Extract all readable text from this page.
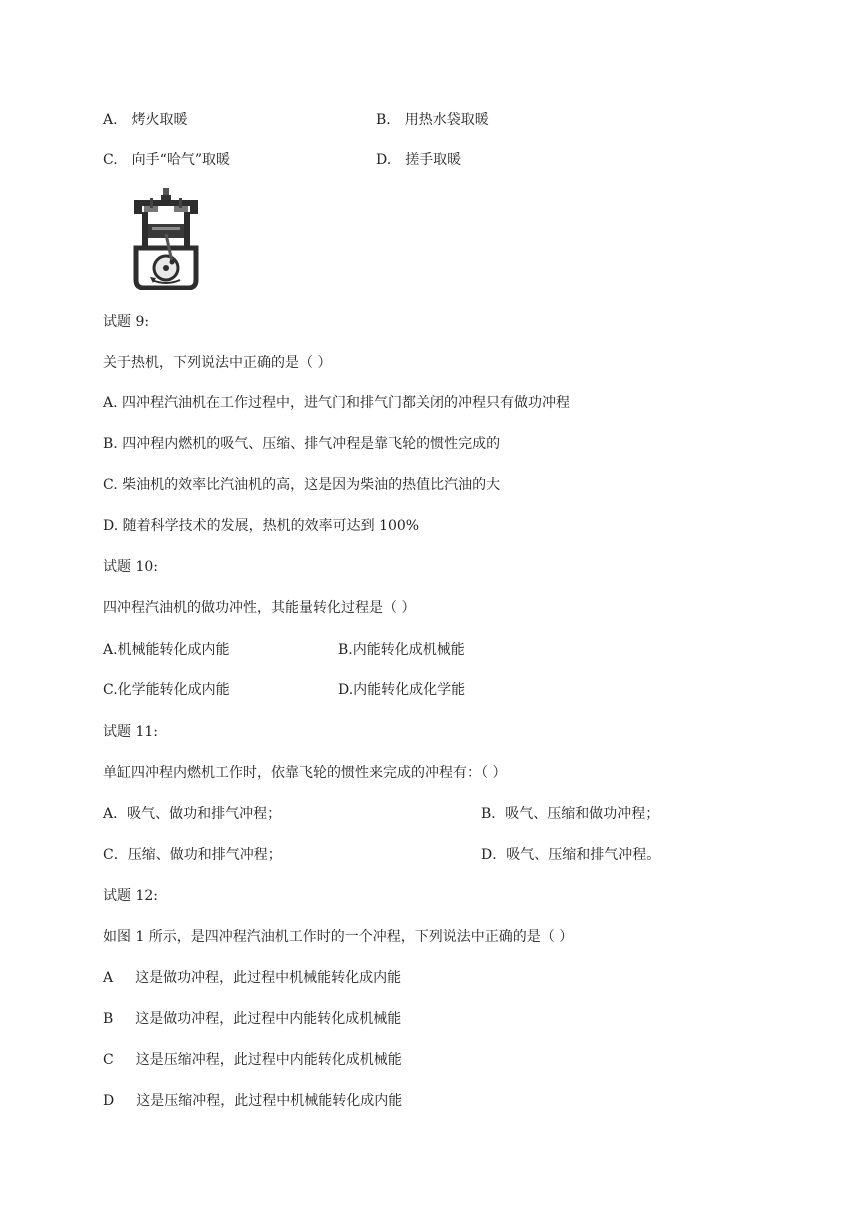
A. 烤火取暖	B. 用热水袋取暖
C. 向手“哈气”取暖	D. 搓手取暖
试题 9:
关于热机，下列说法中正确的是（ ）
A. 四冲程汽油机在工作过程中，进气门和排气门都关闭的冲程只有做功冲程
B. 四冲程内燃机的吸气、压缩、排气冲程是靠飞轮的惯性完成的
C. 柴油机的效率比汽油机的高，这是因为柴油的热值比汽油的大
D. 随着科学技术的发展，热机的效率可达到 100%
试题 10:
四冲程汽油机的做功冲性，其能量转化过程是（ ）
A.机械能转化成内能	B.内能转化成机械能
C.化学能转化成内能	D.内能转化成化学能
试题 11:
单缸四冲程内燃机工作时，依靠飞轮的惯性来完成的冲程有：（ ）
A．吸气、做功和排气冲程；	B．吸气、压缩和做功冲程；
C．压缩、做功和排气冲程；	D．吸气、压缩和排气冲程。
试题 12:
如图 1 所示，是四冲程汽油机工作时的一个冲程，下列说法中正确的是（ ）
A 这是做功冲程，此过程中机械能转化成内能
B 这是做功冲程，此过程中内能转化成机械能
C 这是压缩冲程，此过程中内能转化成机械能
D 这是压缩冲程，此过程中机械能转化成内能
